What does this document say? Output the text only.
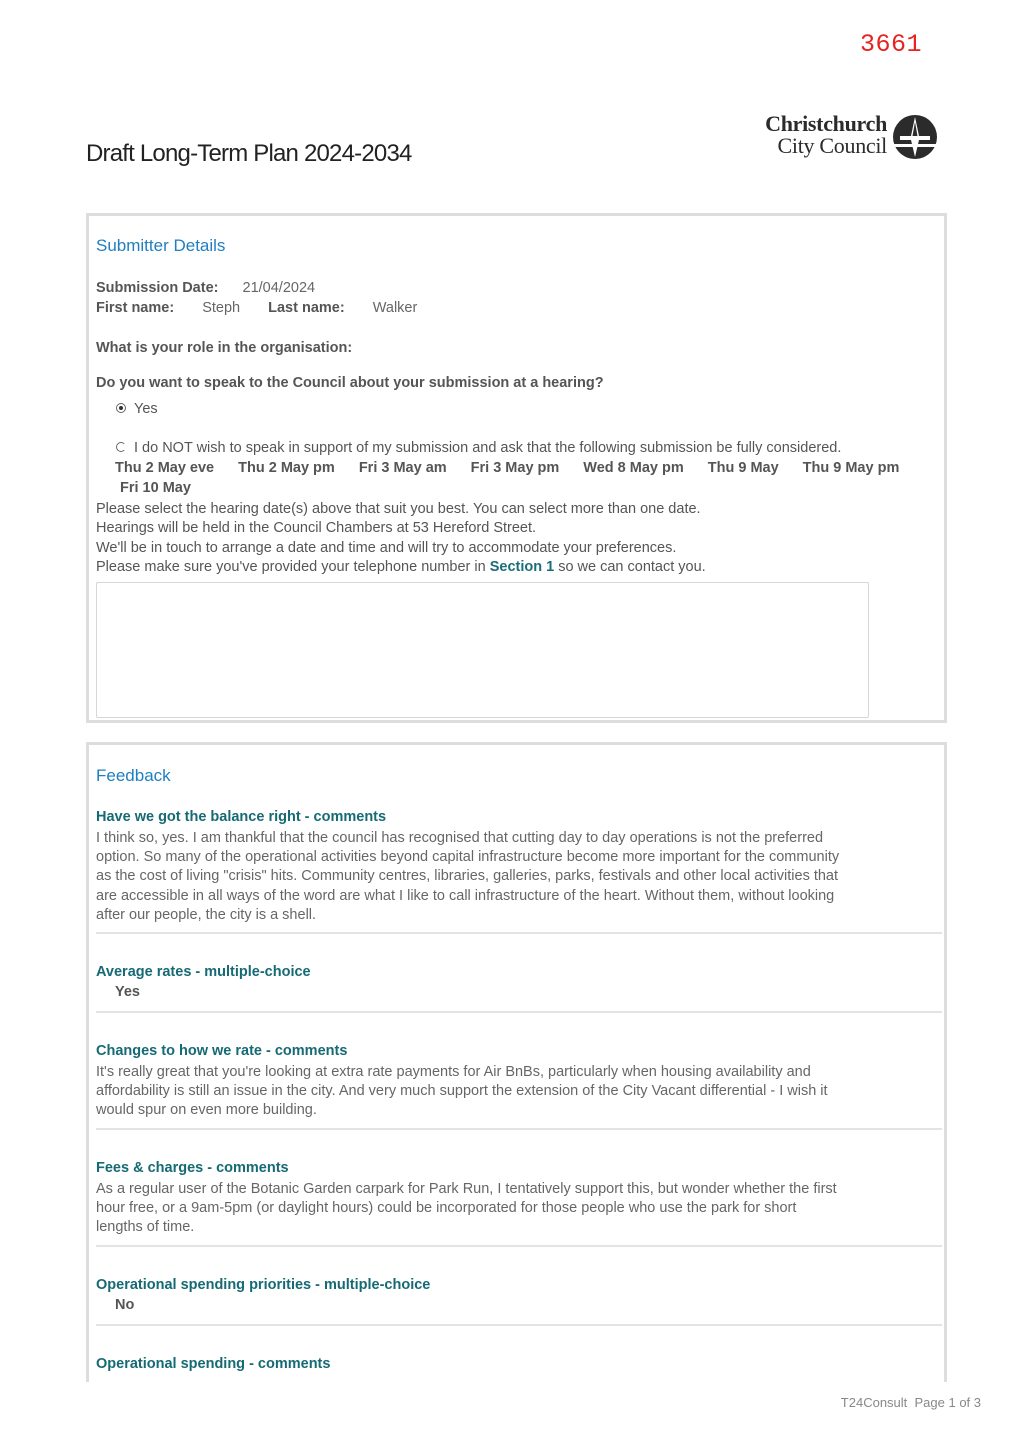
3661
Draft Long-Term Plan 2024-2034
Christchurch
City Council
Submitter Details
Submission Date: 21/04/2024
First name: Steph Last name: Walker
What is your role in the organisation:
Do you want to speak to the Council about your submission at a hearing?
Yes
I do NOT wish to speak in support of my submission and ask that the following submission be fully considered.
Thu 2 May eve Thu 2 May pm Fri 3 May am Fri 3 May pm Wed 8 May pm Thu 9 May Thu 9 May pmFri 10 May
Please select the hearing date(s) above that suit you best. You can select more than one date.
Hearings will be held in the Council Chambers at 53 Hereford Street.
We'll be in touch to arrange a date and time and will try to accommodate your preferences.
Please make sure you've provided your telephone number in Section 1 so we can contact you.
Feedback
Have we got the balance right - comments
I think so, yes. I am thankful that the council has recognised that cutting day to day operations is not the preferred
option. So many of the operational activities beyond capital infrastructure become more important for the community
as the cost of living "crisis" hits. Community centres, libraries, galleries, parks, festivals and other local activities that
are accessible in all ways of the word are what I like to call infrastructure of the heart. Without them, without looking
after our people, the city is a shell.
Average rates - multiple-choice
Yes
Changes to how we rate - comments
It's really great that you're looking at extra rate payments for Air BnBs, particularly when housing availability and
affordability is still an issue in the city. And very much support the extension of the City Vacant differential - I wish it
would spur on even more building.
Fees & charges - comments
As a regular user of the Botanic Garden carpark for Park Run, I tentatively support this, but wonder whether the first
hour free, or a 9am-5pm (or daylight hours) could be incorporated for those people who use the park for short
lengths of time.
Operational spending priorities - multiple-choice
No
Operational spending - comments
T24Consult  Page 1 of 3
